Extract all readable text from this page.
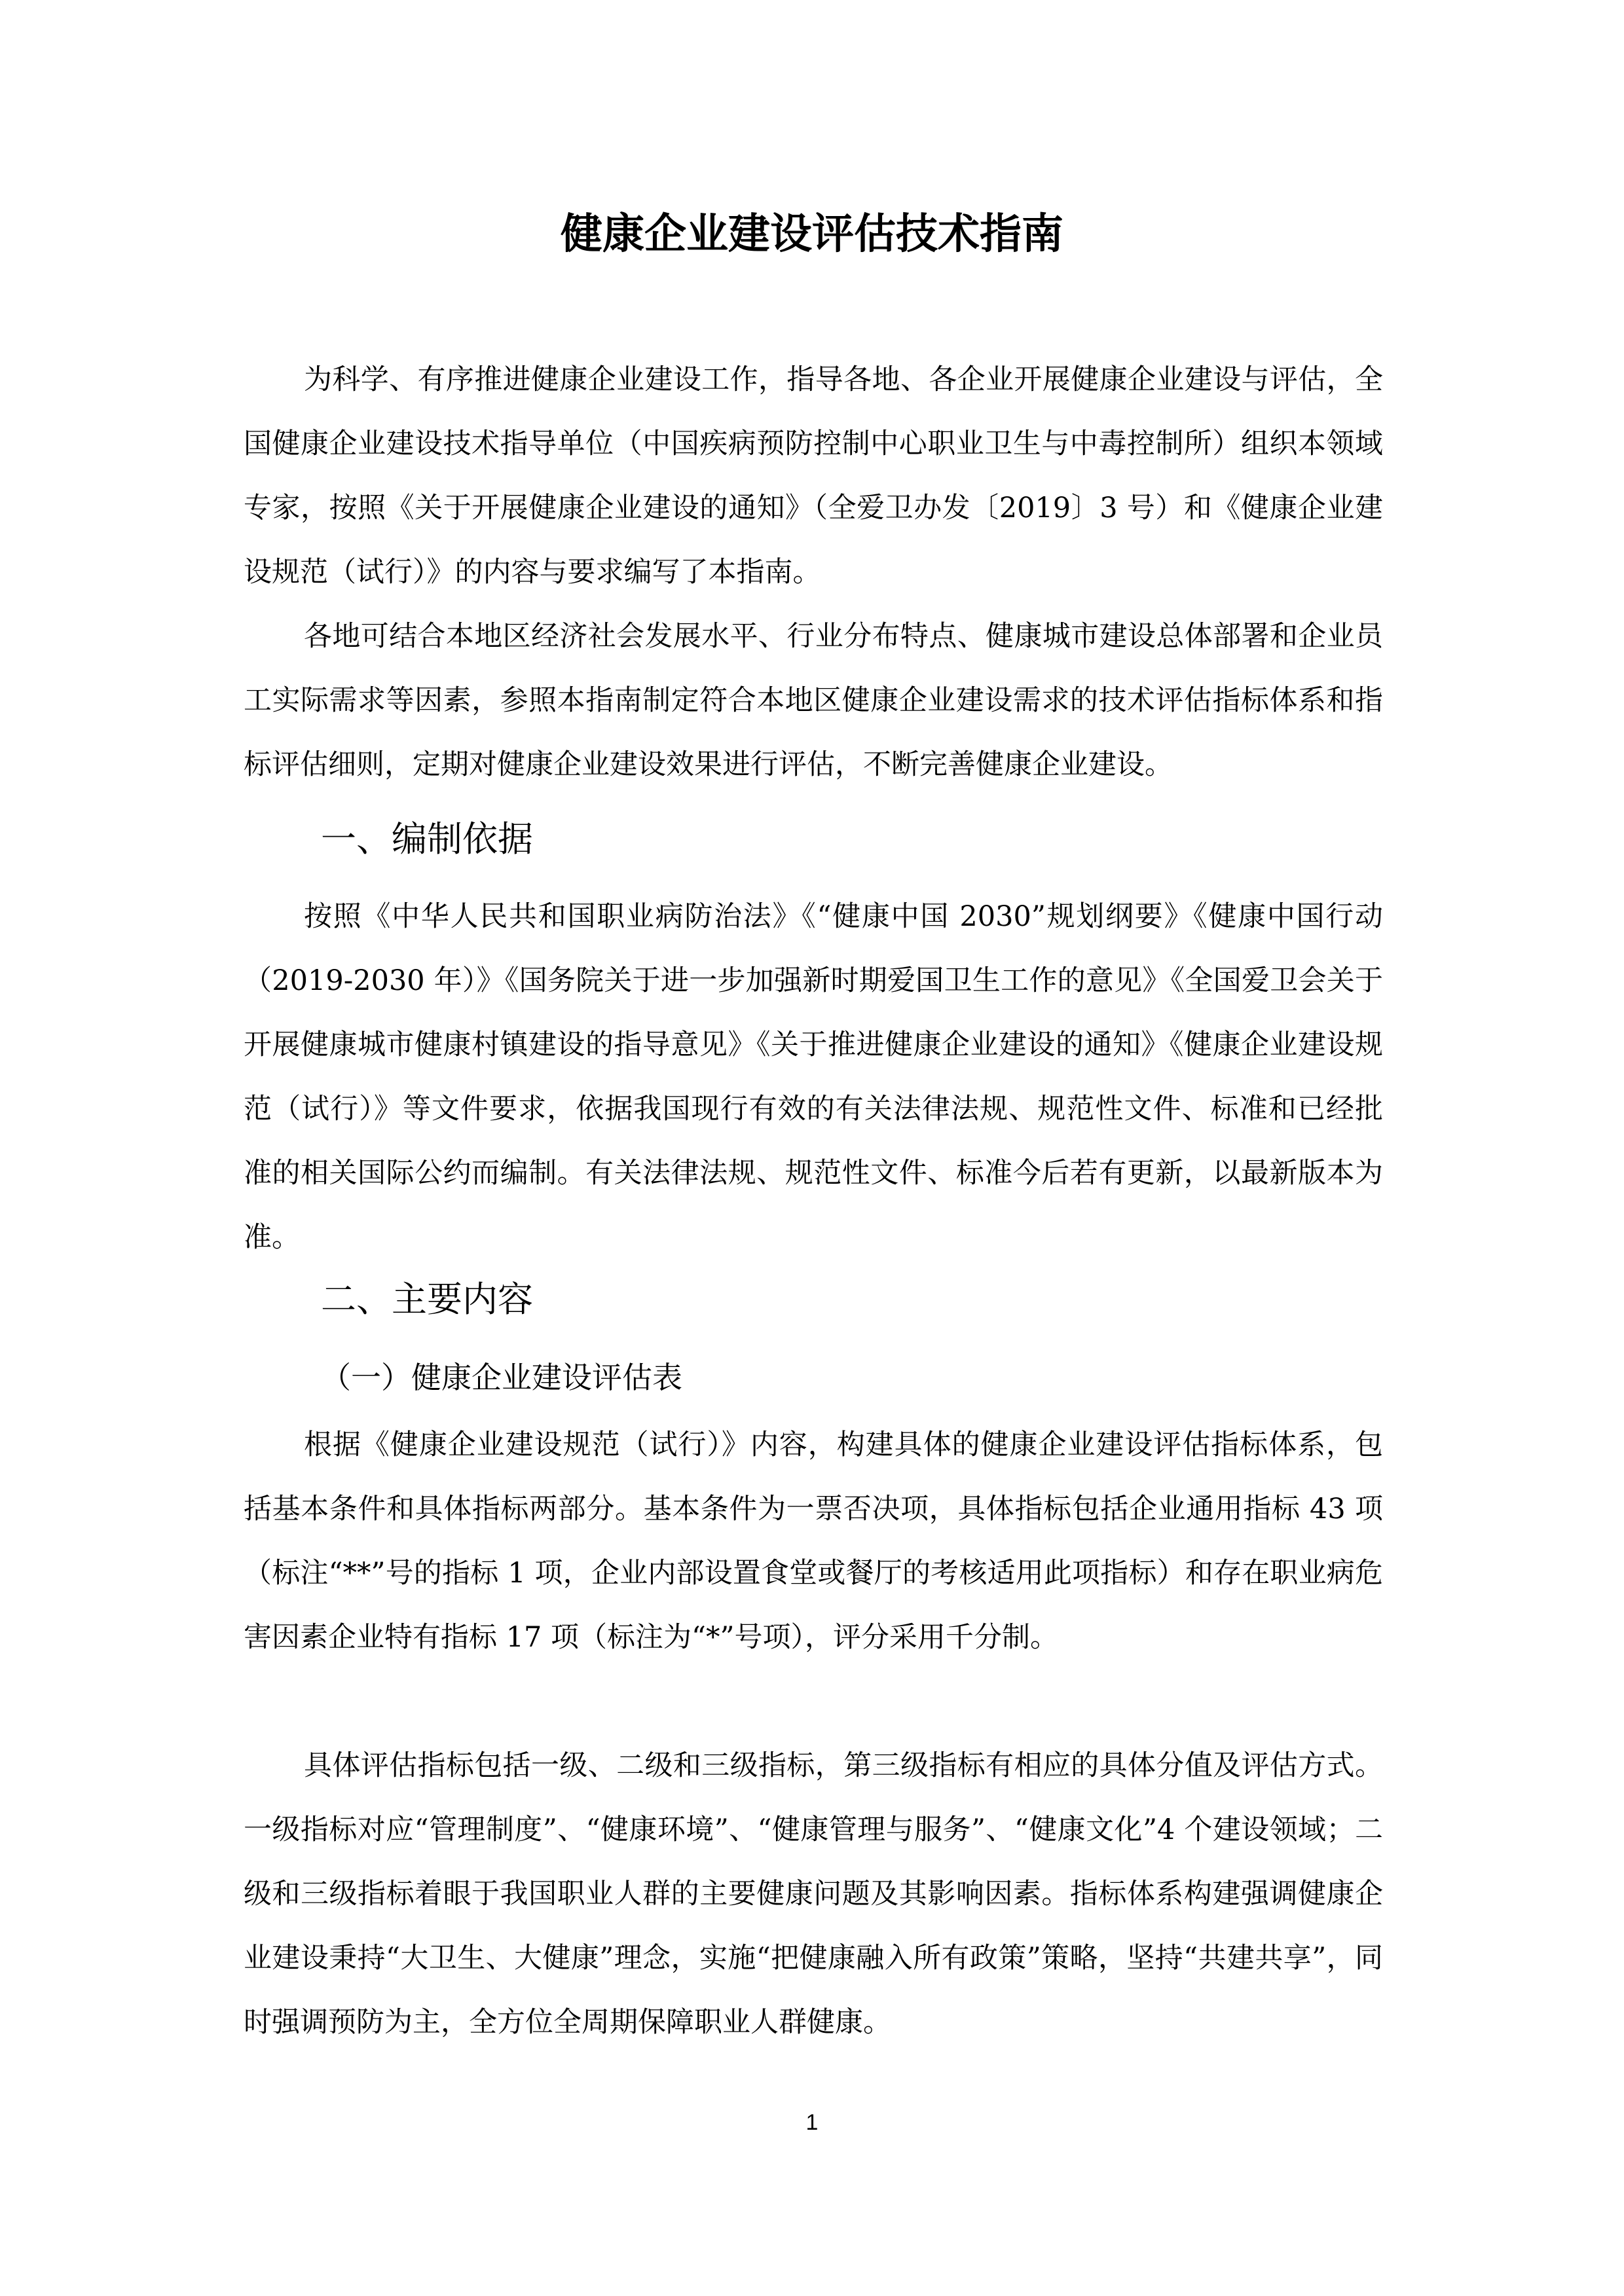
健康企业建设评估技术指南
为科学、有序推进健康企业建设工作，指导各地、各企业开展健康企业建设与评估，全国健康企业建设技术指导单位（中国疾病预防控制中心职业卫生与中毒控制所）组织本领域专家，按照《关于开展健康企业建设的通知》（全爱卫办发〔2019〕3 号）和《健康企业建设规范（试行）》的内容与要求编写了本指南。
各地可结合本地区经济社会发展水平、行业分布特点、健康城市建设总体部署和企业员工实际需求等因素，参照本指南制定符合本地区健康企业建设需求的技术评估指标体系和指标评估细则，定期对健康企业建设效果进行评估，不断完善健康企业建设。
一、编制依据
按照《中华人民共和国职业病防治法》《“健康中国 2030”规划纲要》《健康中国行动（2019-2030 年）》《国务院关于进一步加强新时期爱国卫生工作的意见》《全国爱卫会关于开展健康城市健康村镇建设的指导意见》《关于推进健康企业建设的通知》《健康企业建设规范（试行）》等文件要求，依据我国现行有效的有关法律法规、规范性文件、标准和已经批准的相关国际公约而编制。有关法律法规、规范性文件、标准今后若有更新，以最新版本为准。
二、主要内容
（一）健康企业建设评估表
根据《健康企业建设规范（试行）》内容，构建具体的健康企业建设评估指标体系，包括基本条件和具体指标两部分。基本条件为一票否决项，具体指标包括企业通用指标 43 项（标注“**”号的指标 1 项，企业内部设置食堂或餐厅的考核适用此项指标）和存在职业病危害因素企业特有指标 17 项（标注为“*”号项），评分采用千分制。
具体评估指标包括一级、二级和三级指标，第三级指标有相应的具体分值及评估方式。一级指标对应“管理制度”、“健康环境”、“健康管理与服务”、“健康文化”4 个建设领域；二级和三级指标着眼于我国职业人群的主要健康问题及其影响因素。指标体系构建强调健康企业建设秉持“大卫生、大健康”理念，实施“把健康融入所有政策”策略，坚持“共建共享”，同时强调预防为主，全方位全周期保障职业人群健康。
1
